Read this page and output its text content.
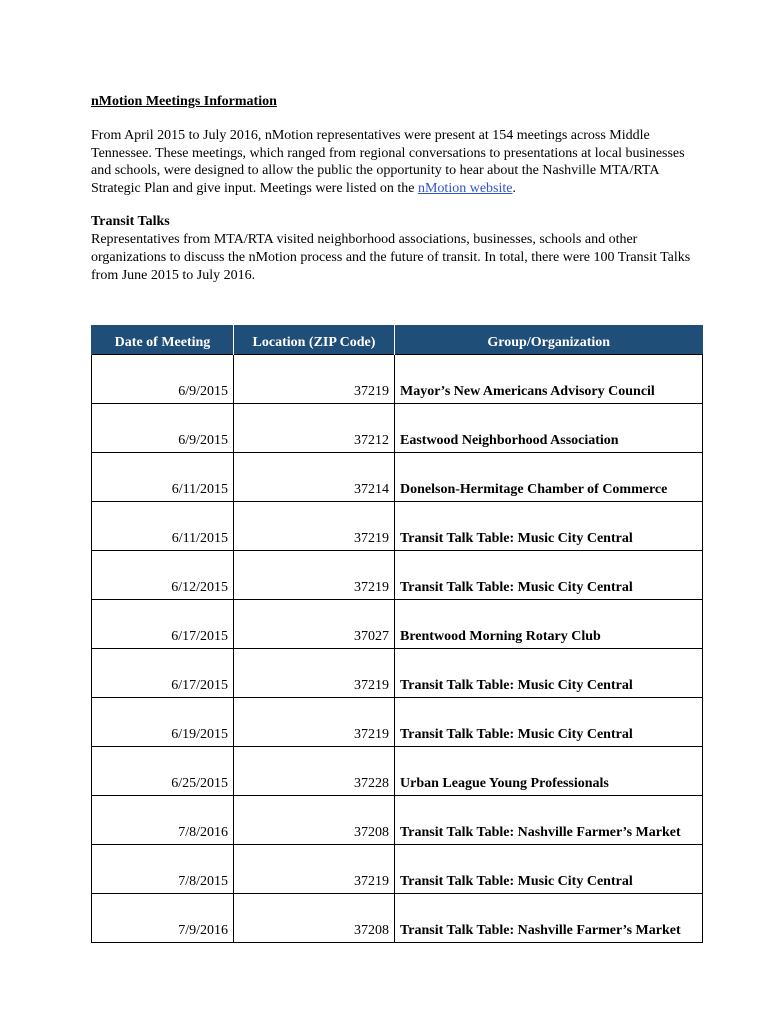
nMotion Meetings Information

From April 2015 to July 2016, nMotion representatives were present at 154 meetings across Middle Tennessee. These meetings, which ranged from regional conversations to presentations at local businesses and schools, were designed to allow the public the opportunity to hear about the Nashville MTA/RTA Strategic Plan and give input. Meetings were listed on the nMotion website.

Transit Talks

Representatives from MTA/RTA visited neighborhood associations, businesses, schools and other organizations to discuss the nMotion process and the future of transit. In total, there were 100 Transit Talks from June 2015 to July 2016.

Date of Meeting	Location (ZIP Code)	Group/Organization
6/9/2015	37219	Mayor’s New Americans Advisory Council
6/9/2015	37212	Eastwood Neighborhood Association
6/11/2015	37214	Donelson-Hermitage Chamber of Commerce
6/11/2015	37219	Transit Talk Table: Music City Central
6/12/2015	37219	Transit Talk Table: Music City Central
6/17/2015	37027	Brentwood Morning Rotary Club
6/17/2015	37219	Transit Talk Table: Music City Central
6/19/2015	37219	Transit Talk Table: Music City Central
6/25/2015	37228	Urban League Young Professionals
7/8/2016	37208	Transit Talk Table: Nashville Farmer’s Market
7/8/2015	37219	Transit Talk Table: Music City Central
7/9/2016	37208	Transit Talk Table: Nashville Farmer’s Market
